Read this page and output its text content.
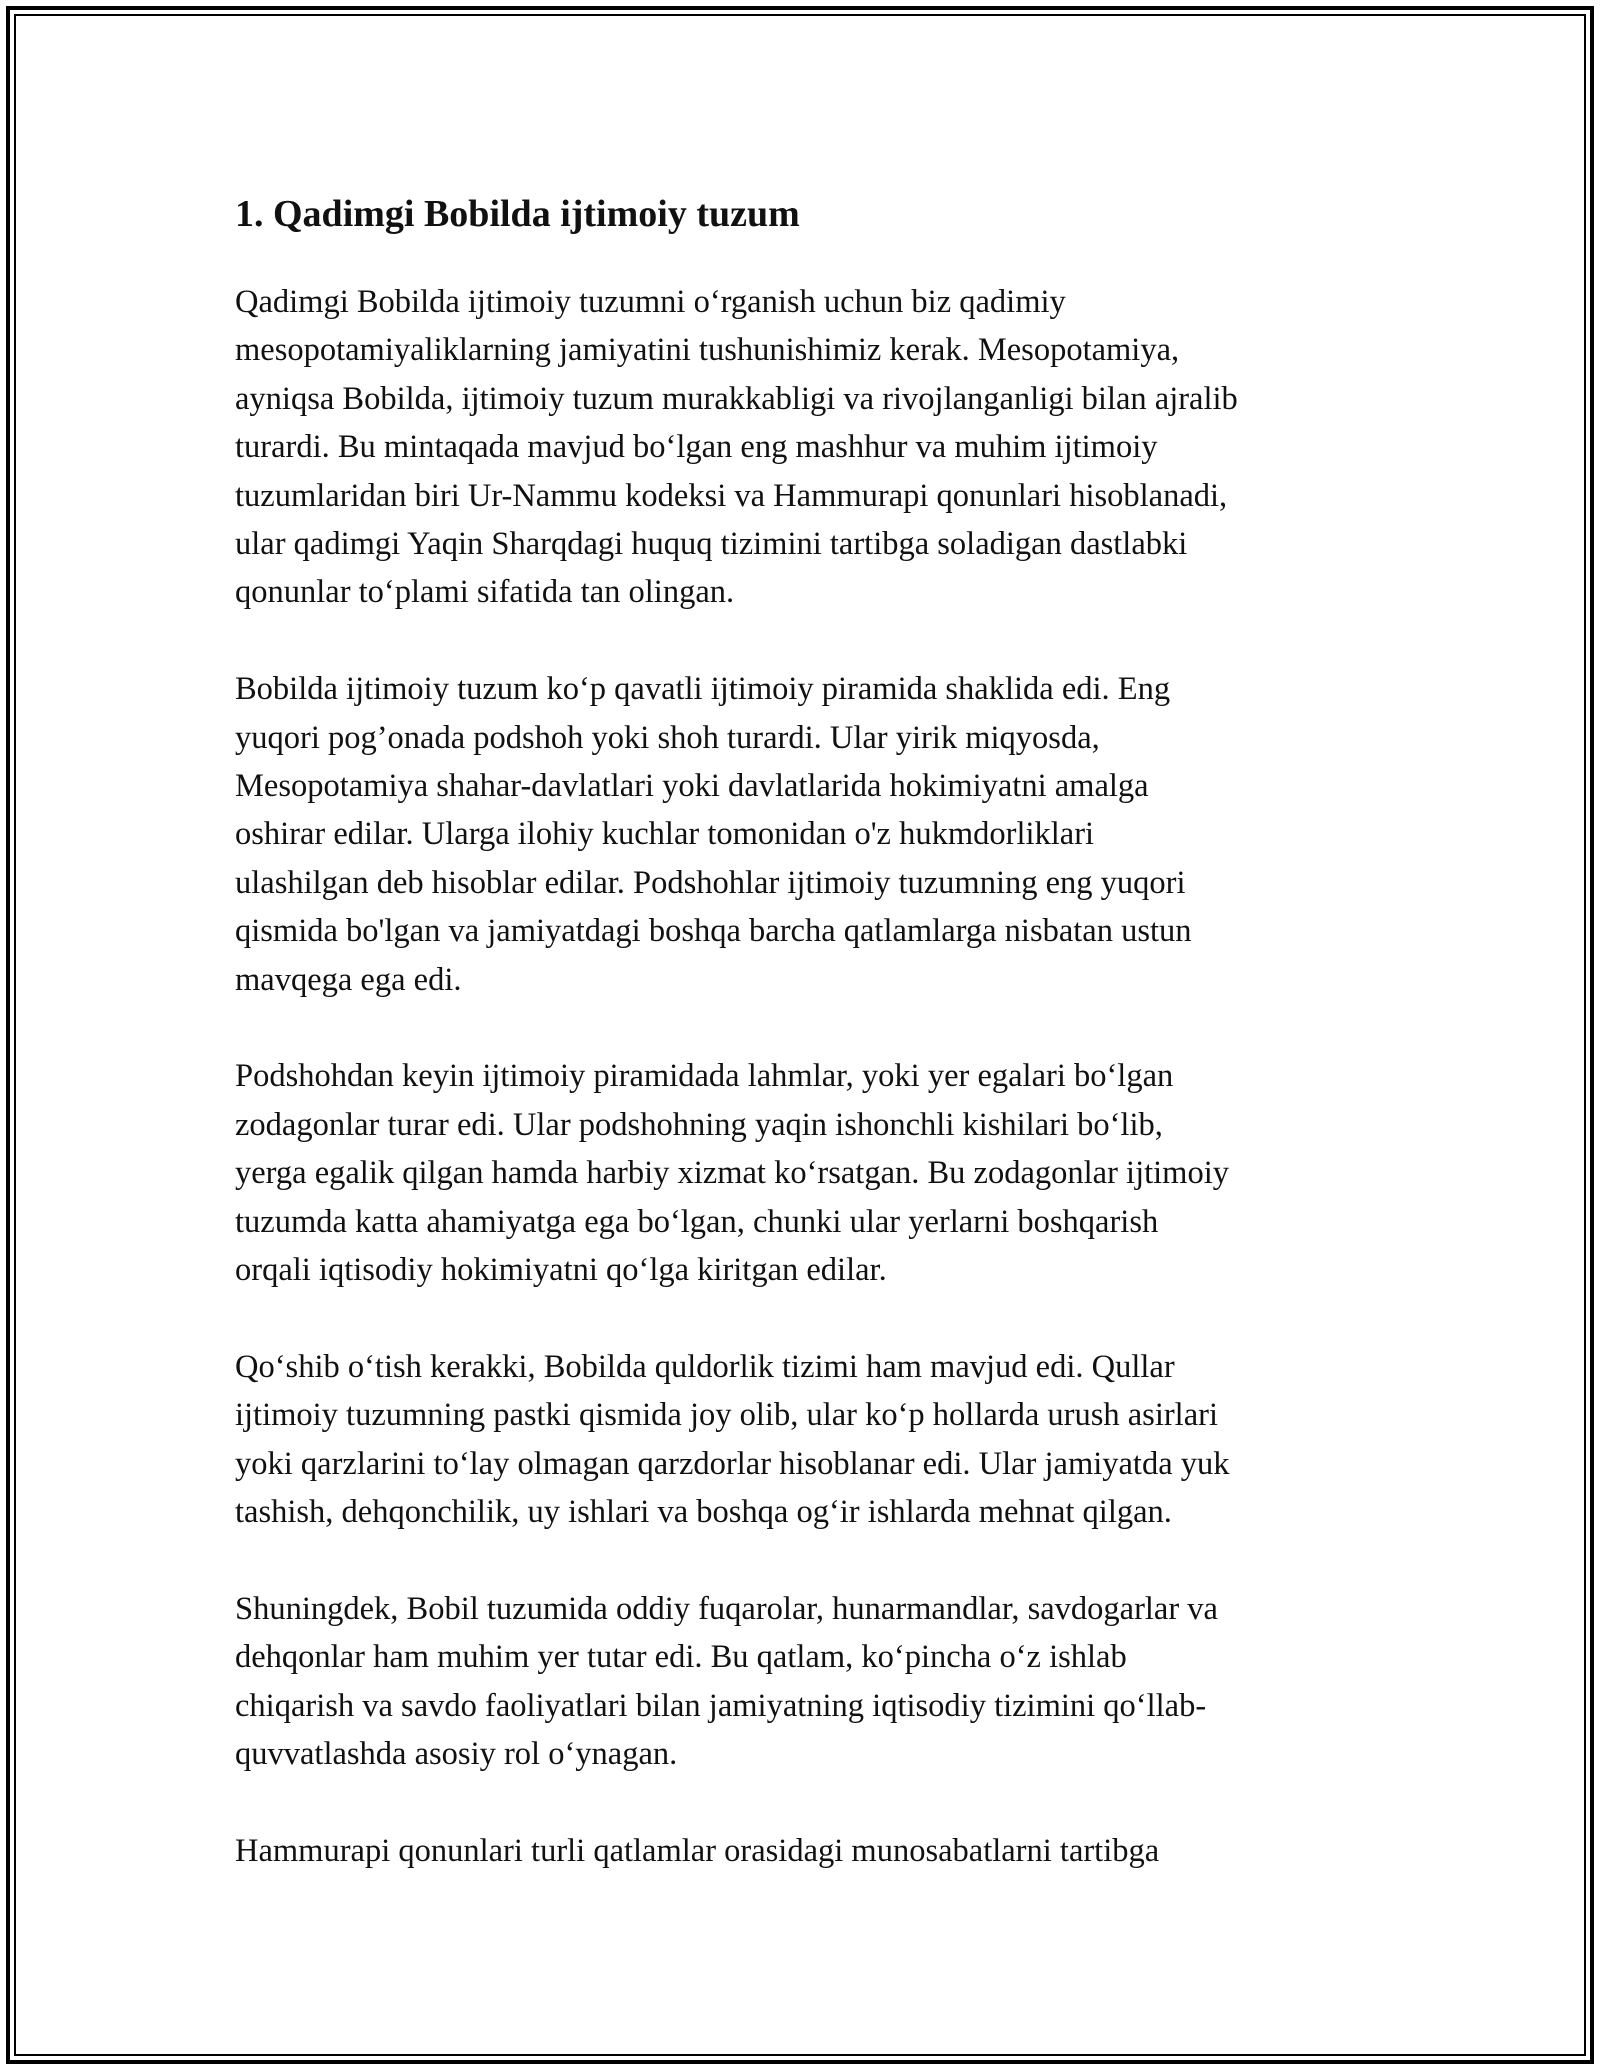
1. Qadimgi Bobilda ijtimoiy tuzum

Qadimgi Bobilda ijtimoiy tuzumni o‘rganish uchun biz qadimiy
mesopotamiyaliklarning jamiyatini tushunishimiz kerak. Mesopotamiya,
ayniqsa Bobilda, ijtimoiy tuzum murakkabligi va rivojlanganligi bilan ajralib
turardi. Bu mintaqada mavjud bo‘lgan eng mashhur va muhim ijtimoiy
tuzumlaridan biri Ur-Nammu kodeksi va Hammurapi qonunlari hisoblanadi,
ular qadimgi Yaqin Sharqdagi huquq tizimini tartibga soladigan dastlabki
qonunlar to‘plami sifatida tan olingan.

Bobilda ijtimoiy tuzum ko‘p qavatli ijtimoiy piramida shaklida edi. Eng
yuqori pog’onada podshoh yoki shoh turardi. Ular yirik miqyosda,
Mesopotamiya shahar-davlatlari yoki davlatlarida hokimiyatni amalga
oshirar edilar. Ularga ilohiy kuchlar tomonidan o'z hukmdorliklari
ulashilgan deb hisoblar edilar. Podshohlar ijtimoiy tuzumning eng yuqori
qismida bo'lgan va jamiyatdagi boshqa barcha qatlamlarga nisbatan ustun
mavqega ega edi.

Podshohdan keyin ijtimoiy piramidada lahmlar, yoki yer egalari bo‘lgan
zodagonlar turar edi. Ular podshohning yaqin ishonchli kishilari bo‘lib,
yerga egalik qilgan hamda harbiy xizmat ko‘rsatgan. Bu zodagonlar ijtimoiy
tuzumda katta ahamiyatga ega bo‘lgan, chunki ular yerlarni boshqarish
orqali iqtisodiy hokimiyatni qo‘lga kiritgan edilar.

Qo‘shib o‘tish kerakki, Bobilda quldorlik tizimi ham mavjud edi. Qullar
ijtimoiy tuzumning pastki qismida joy olib, ular ko‘p hollarda urush asirlari
yoki qarzlarini to‘lay olmagan qarzdorlar hisoblanar edi. Ular jamiyatda yuk
tashish, dehqonchilik, uy ishlari va boshqa og‘ir ishlarda mehnat qilgan.

Shuningdek, Bobil tuzumida oddiy fuqarolar, hunarmandlar, savdogarlar va
dehqonlar ham muhim yer tutar edi. Bu qatlam, ko‘pincha o‘z ishlab
chiqarish va savdo faoliyatlari bilan jamiyatning iqtisodiy tizimini qo‘llab-
quvvatlashda asosiy rol o‘ynagan.

Hammurapi qonunlari turli qatlamlar orasidagi munosabatlarni tartibga
